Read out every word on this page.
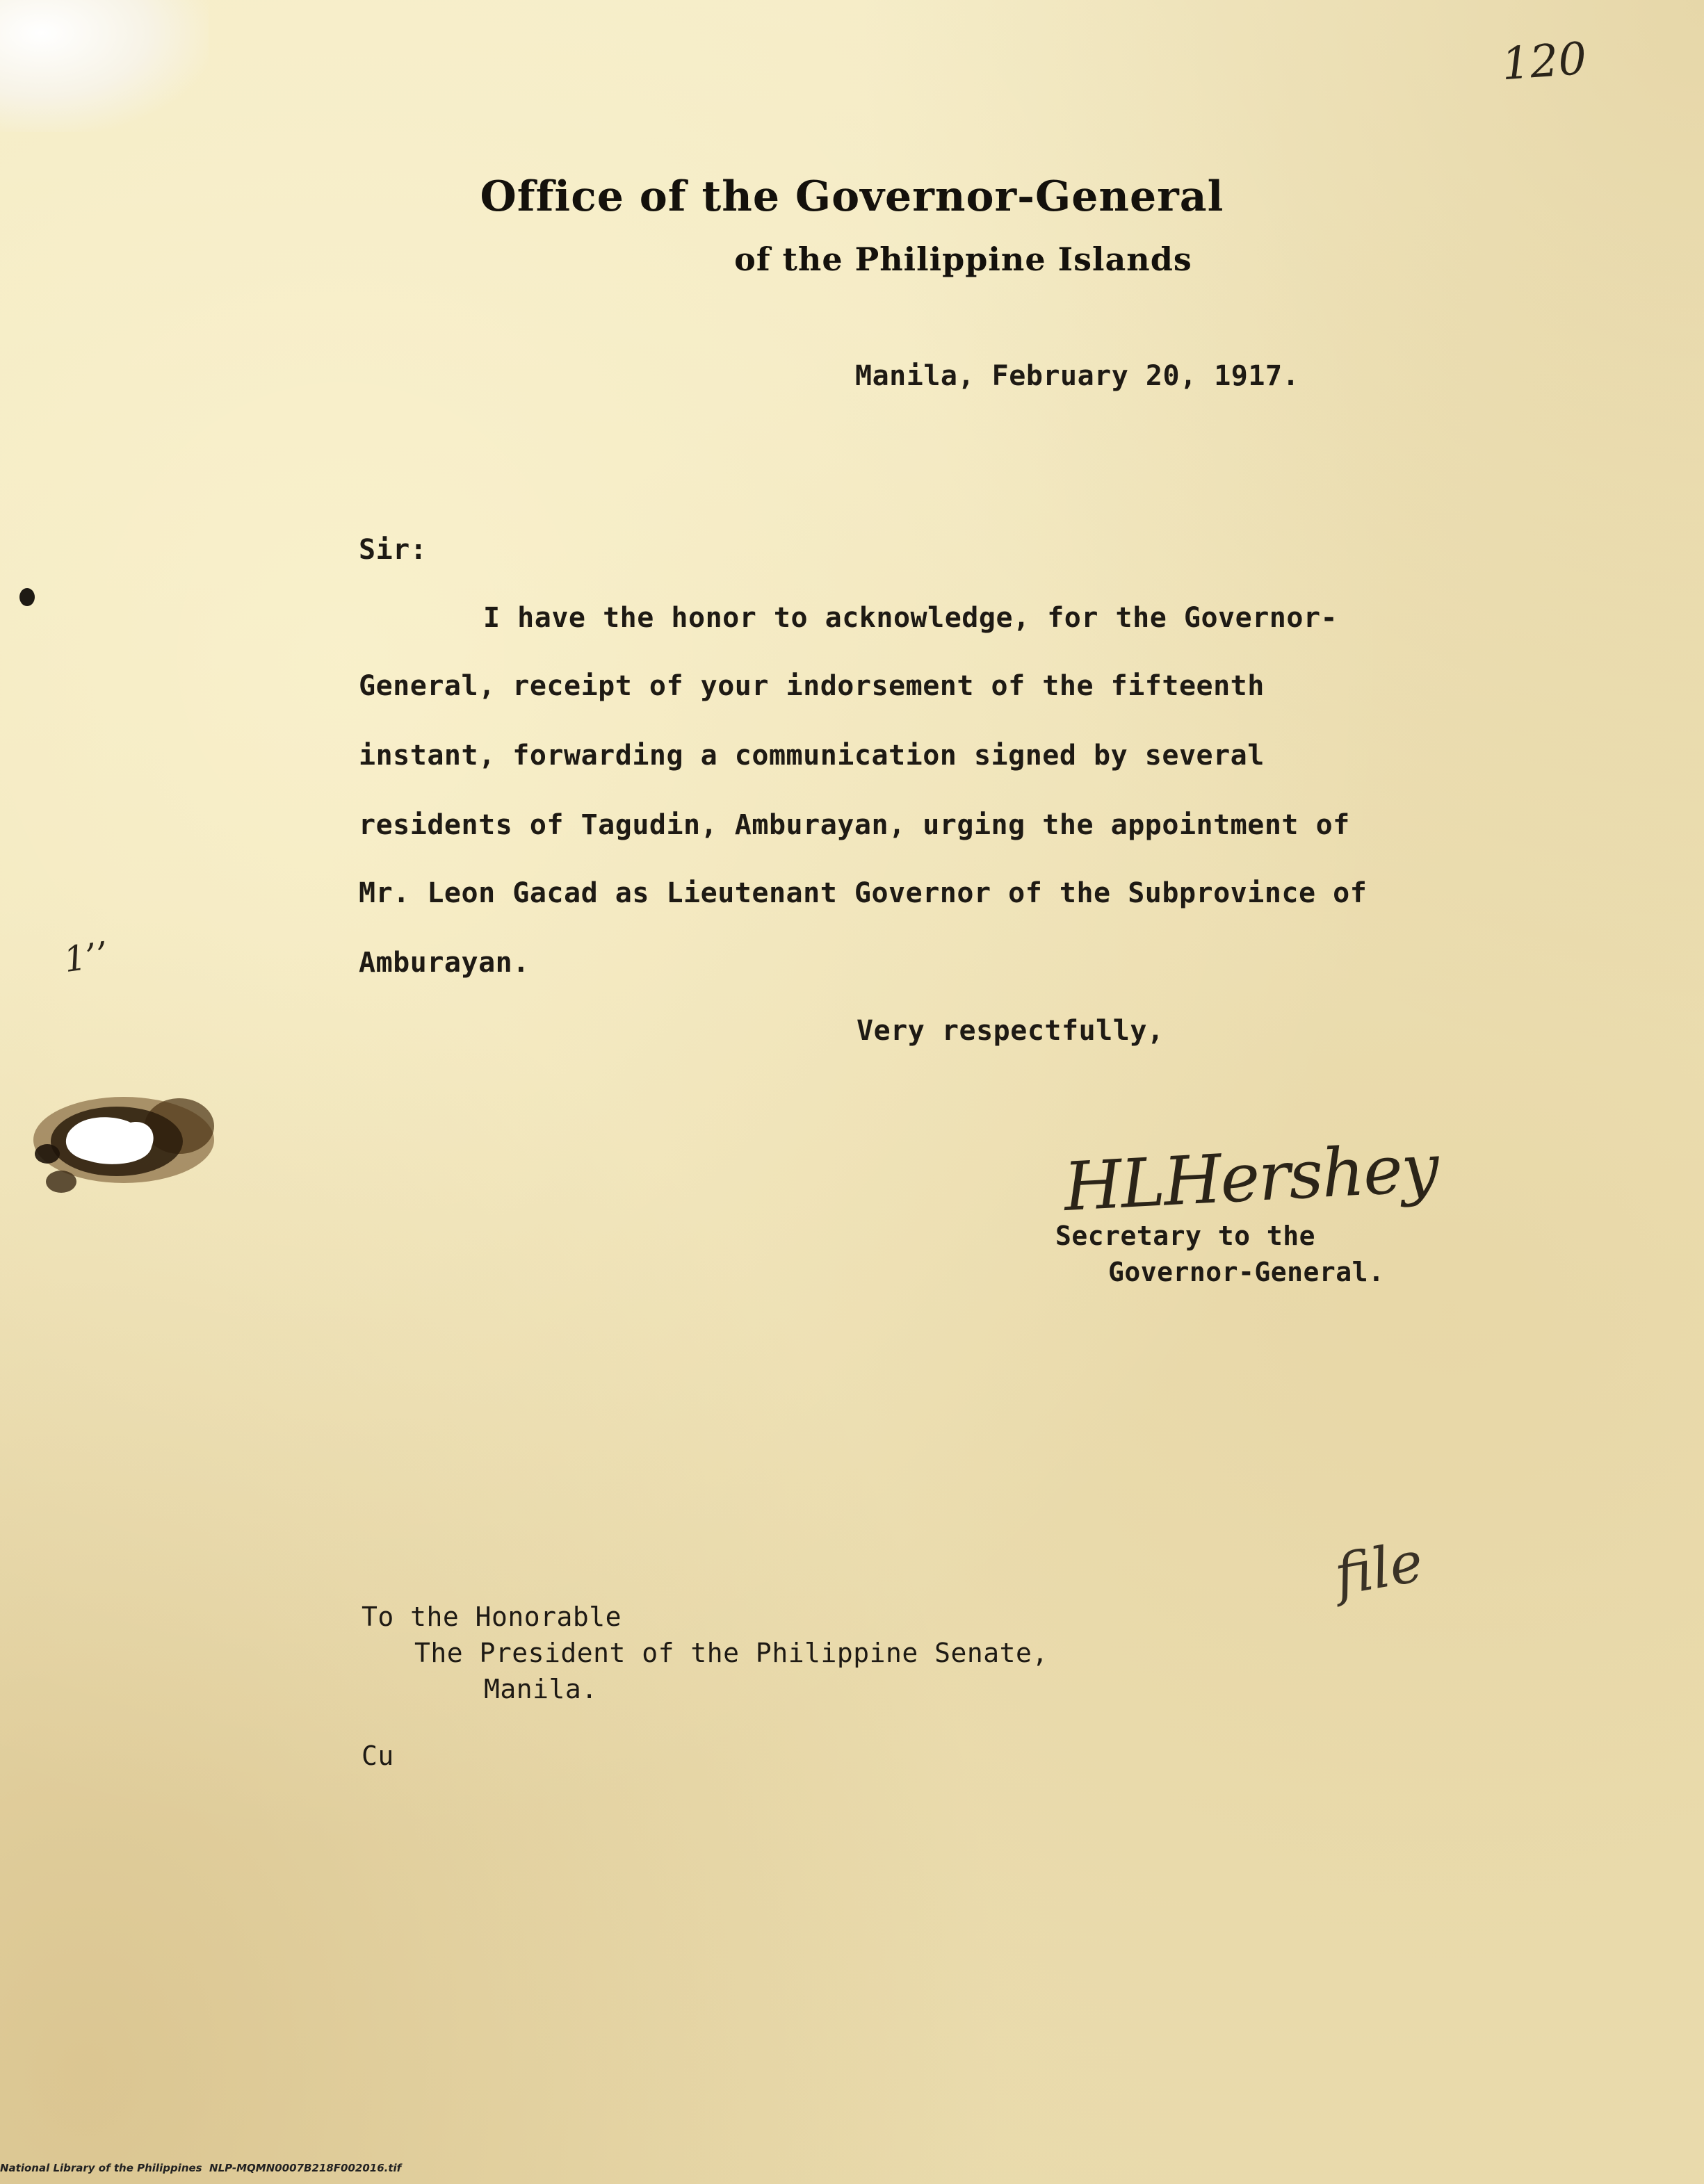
120
Office of the Governor-General
of the Philippine Islands
Manila, February 20, 1917.
Sir:
I have the honor to acknowledge, for the Governor-
General, receipt of your indorsement of the fifteenth
instant, forwarding a communication signed by several
residents of Tagudin, Amburayan, urging the appointment of
Mr. Leon Gacad as Lieutenant Governor of the Subprovince of
Amburayan.
1’’
Very respectfully,
HLHershey
Secretary to the
Governor-General.
file
To the Honorable
The President of the Philippine Senate,
Manila.
Cu
National Library of the Philippines  NLP-MQMN0007B218F002016.tif
